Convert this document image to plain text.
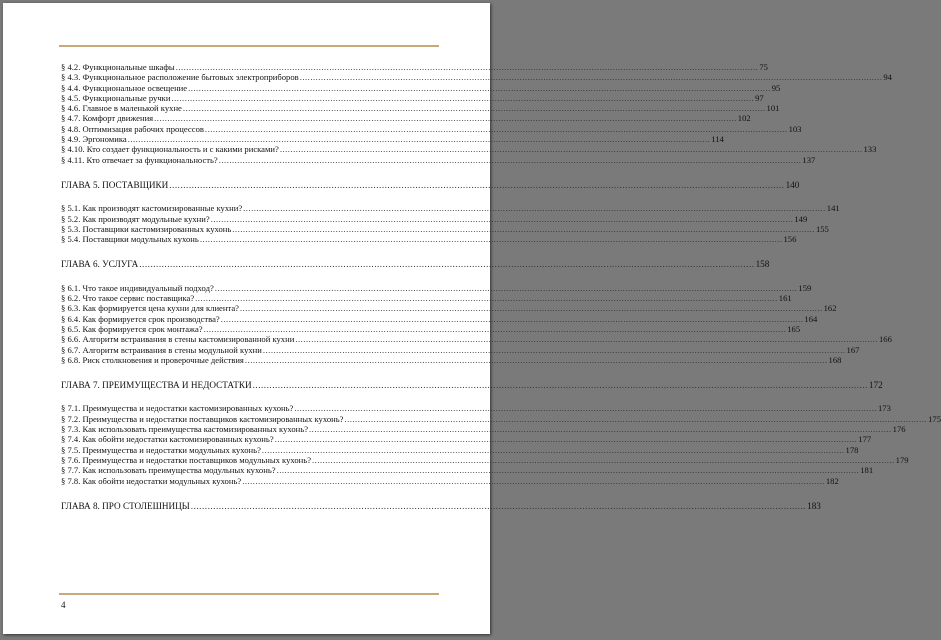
§ 4.2. Функциональные шкафы ............................................................................................................................................................................................................................ 75
§ 4.3. Функциональное расположение бытовых электроприборов ............................................................................................................................................................................................................................ 94
§ 4.4. Функциональное освещение ............................................................................................................................................................................................................................ 95
§ 4.5. Функциональные ручки ............................................................................................................................................................................................................................ 97
§ 4.6. Главное в маленькой кухне ............................................................................................................................................................................................................................ 101
§ 4.7. Комфорт движения ............................................................................................................................................................................................................................ 102
§ 4.8. Оптимизация рабочих процессов ............................................................................................................................................................................................................................ 103
§ 4.9. Эргономика ............................................................................................................................................................................................................................ 114
§ 4.10. Кто создает функциональность и с какими рисками? ............................................................................................................................................................................................................................ 133
§ 4.11. Кто отвечает за функциональность? ............................................................................................................................................................................................................................ 137
ГЛАВА 5. ПОСТАВЩИКИ ............................................................................................................................................................................................................................ 140
§ 5.1. Как производят кастомизированные кухни? ............................................................................................................................................................................................................................ 141
§ 5.2. Как производят модульные кухни? ............................................................................................................................................................................................................................ 149
§ 5.3. Поставщики кастомизированных кухонь ............................................................................................................................................................................................................................ 155
§ 5.4. Поставщики модульных кухонь ............................................................................................................................................................................................................................ 156
ГЛАВА 6. УСЛУГА ............................................................................................................................................................................................................................ 158
§ 6.1. Что такое индивидуальный подход? ............................................................................................................................................................................................................................ 159
§ 6.2. Что такое сервис поставщика? ............................................................................................................................................................................................................................ 161
§ 6.3. Как формируется цена кухни для клиента? ............................................................................................................................................................................................................................ 162
§ 6.4. Как формируется срок производства? ............................................................................................................................................................................................................................ 164
§ 6.5. Как формируется срок монтажа? ............................................................................................................................................................................................................................ 165
§ 6.6. Алгоритм встраивания в стены кастомизированной кухни ............................................................................................................................................................................................................................ 166
§ 6.7. Алгоритм встраивания в стены модульной кухни ............................................................................................................................................................................................................................ 167
§ 6.8. Риск столкновения и проверочные действия ............................................................................................................................................................................................................................ 168
ГЛАВА 7. ПРЕИМУЩЕСТВА И НЕДОСТАТКИ ............................................................................................................................................................................................................................ 172
§ 7.1. Преимущества и недостатки кастомизированных кухонь? ............................................................................................................................................................................................................................ 173
§ 7.2. Преимущества и недостатки поставщиков кастомизированных кухонь? ............................................................................................................................................................................................................................ 175
§ 7.3. Как использовать преимущества кастомизированных кухонь? ............................................................................................................................................................................................................................ 176
§ 7.4. Как обойти недостатки кастомизированных кухонь? ............................................................................................................................................................................................................................ 177
§ 7.5. Преимущества и недостатки модульных кухонь? ............................................................................................................................................................................................................................ 178
§ 7.6. Преимущества и недостатки поставщиков модульных кухонь? ............................................................................................................................................................................................................................ 179
§ 7.7. Как использовать преимущества модульных кухонь? ............................................................................................................................................................................................................................ 181
§ 7.8. Как обойти недостатки модульных кухонь? ............................................................................................................................................................................................................................ 182
ГЛАВА 8. ПРО СТОЛЕШНИЦЫ ............................................................................................................................................................................................................................ 183
4
